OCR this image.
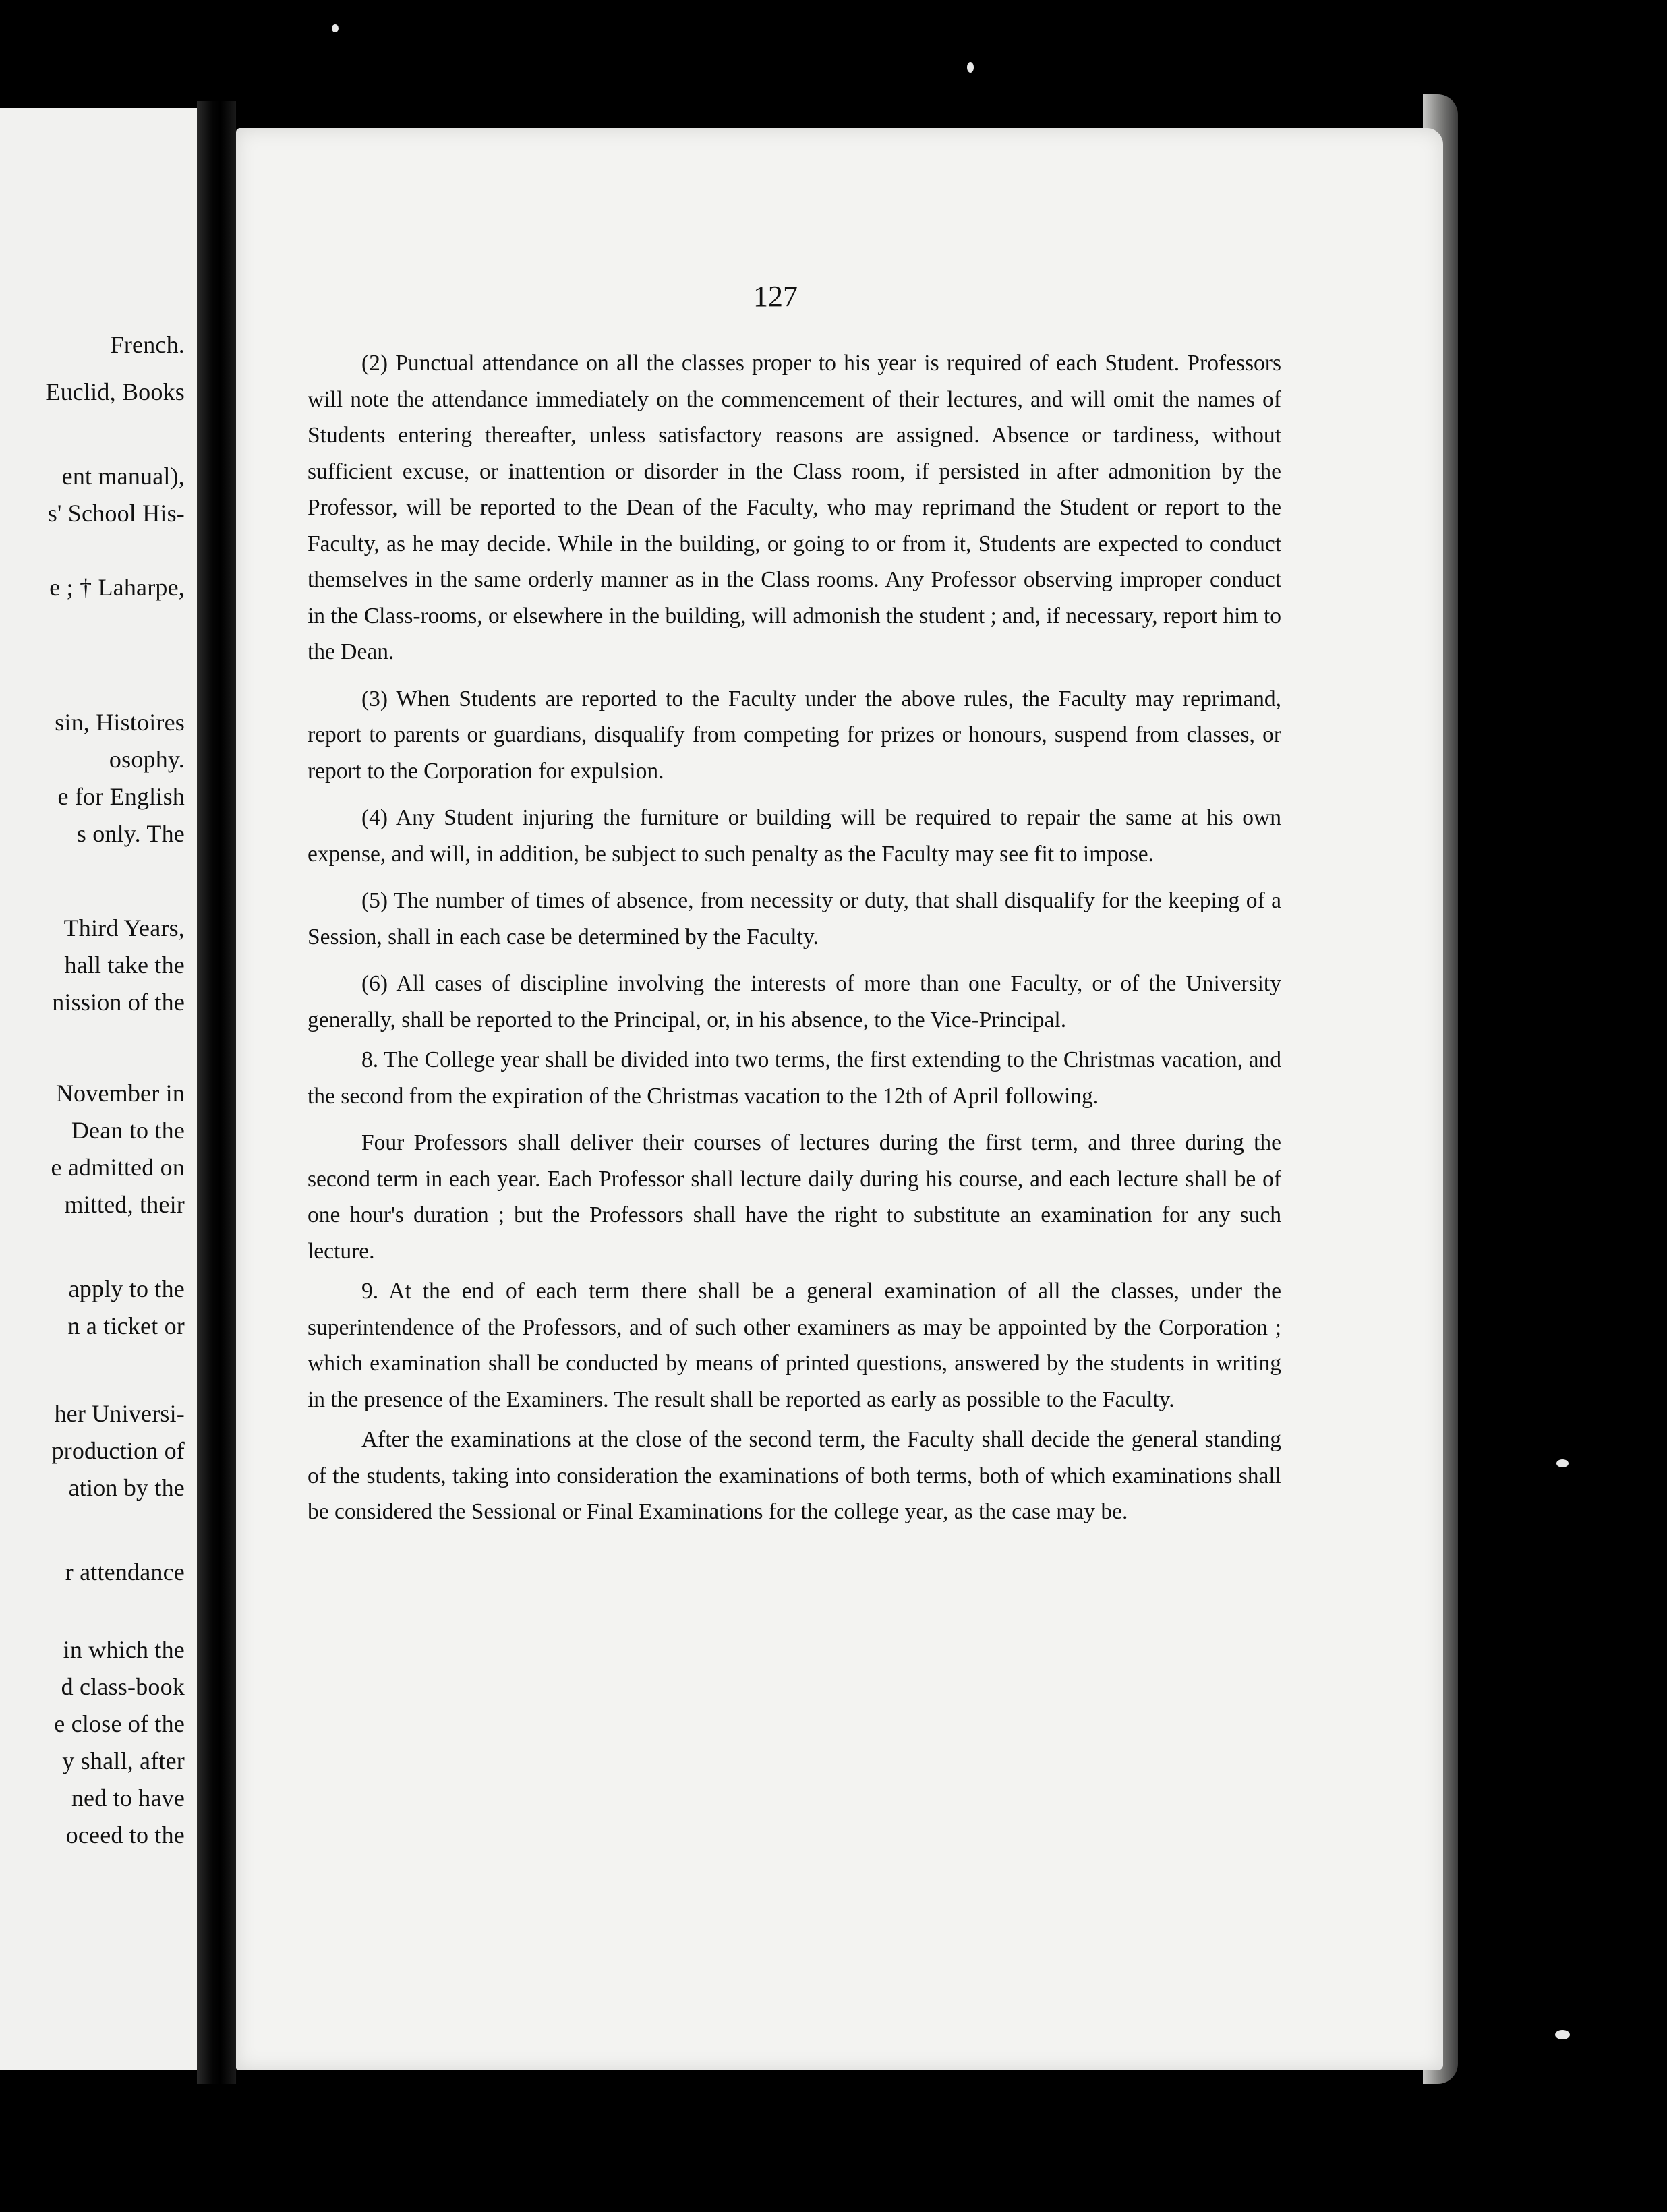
French.
Euclid, Books
ent manual),
s' School His-
e ; † Laharpe,
sin, Histoires
osophy.
e for English
s only. The
Third Years,
hall take the
nission of the
November in
Dean to the
e admitted on
mitted, their
apply to the
n a ticket or
her Universi-
production of
ation by the
r attendance
in which the
d class-book
e close of the
y shall, after
ned to have
oceed to the
127

(2) Punctual attendance on all the classes proper to his year is required of each Student. Professors will note the attendance immediately on the commencement of their lectures, and will omit the names of Students entering thereafter, unless satisfactory reasons are assigned. Absence or tardiness, without sufficient excuse, or inattention or disorder in the Class room, if persisted in after admonition by the Professor, will be reported to the Dean of the Faculty, who may reprimand the Student or report to the Faculty, as he may decide. While in the building, or going to or from it, Students are expected to conduct themselves in the same orderly manner as in the Class rooms. Any Professor observing improper conduct in the Class-rooms, or elsewhere in the building, will admonish the student ; and, if necessary, report him to the Dean.

(3) When Students are reported to the Faculty under the above rules, the Faculty may reprimand, report to parents or guardians, disqualify from competing for prizes or honours, suspend from classes, or report to the Corporation for expulsion.

(4) Any Student injuring the furniture or building will be required to repair the same at his own expense, and will, in addition, be subject to such penalty as the Faculty may see fit to impose.

(5) The number of times of absence, from necessity or duty, that shall disqualify for the keeping of a Session, shall in each case be determined by the Faculty.

(6) All cases of discipline involving the interests of more than one Faculty, or of the University generally, shall be reported to the Principal, or, in his absence, to the Vice-Principal.

8. The College year shall be divided into two terms, the first extending to the Christmas vacation, and the second from the expiration of the Christmas vacation to the 12th of April following.

Four Professors shall deliver their courses of lectures during the first term, and three during the second term in each year. Each Professor shall lecture daily during his course, and each lecture shall be of one hour's duration ; but the Professors shall have the right to substitute an examination for any such lecture.

9. At the end of each term there shall be a general examination of all the classes, under the superintendence of the Professors, and of such other examiners as may be appointed by the Corporation ; which examination shall be conducted by means of printed questions, answered by the students in writing in the presence of the Examiners. The result shall be reported as early as possible to the Faculty.

After the examinations at the close of the second term, the Faculty shall decide the general standing of the students, taking into consideration the examinations of both terms, both of which examinations shall be considered the Sessional or Final Examinations for the college year, as the case may be.
